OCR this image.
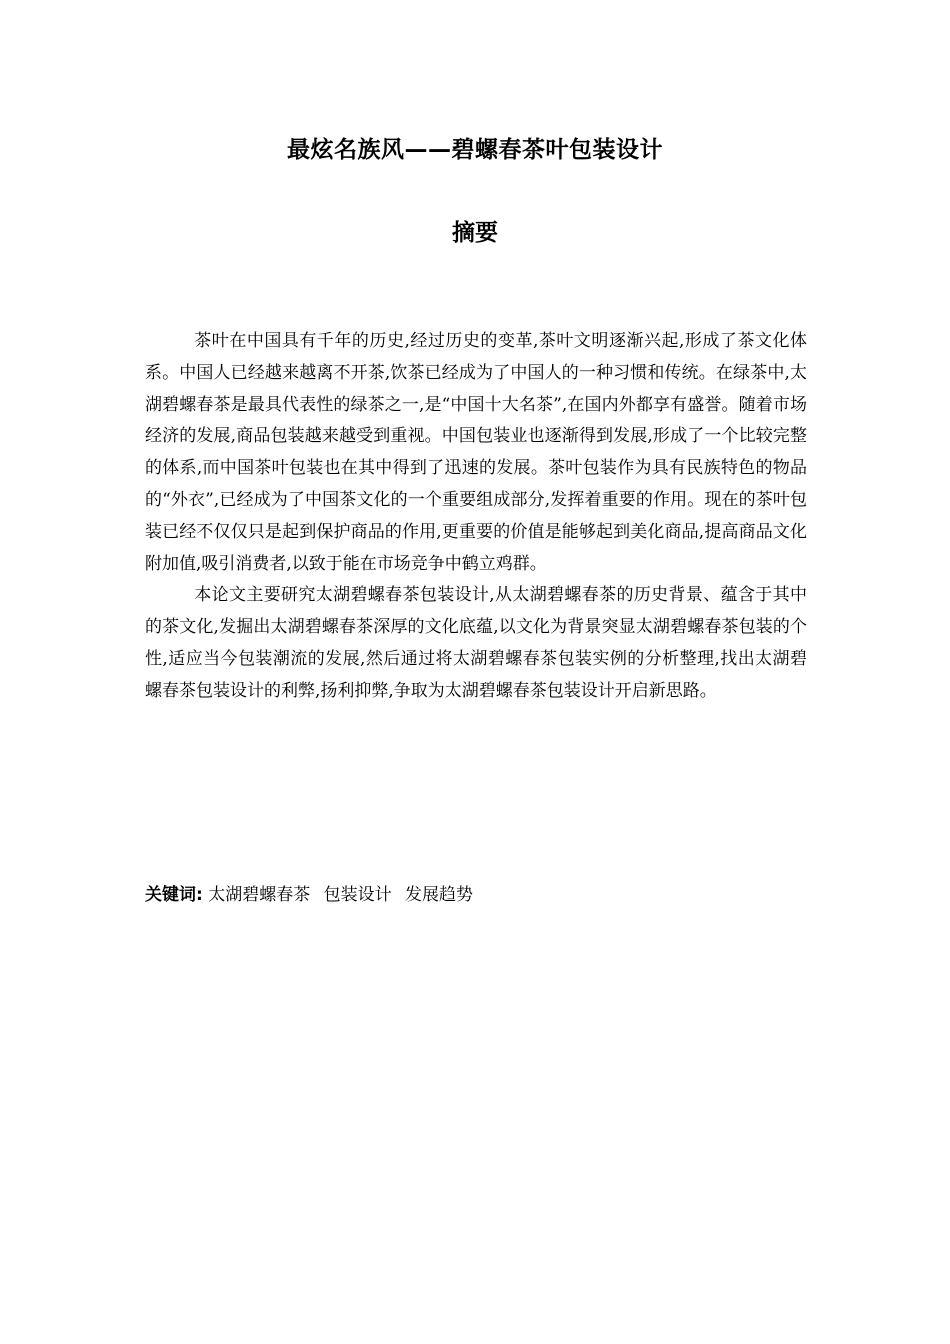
最炫名族风——碧螺春茶叶包装设计
摘要

茶叶在中国具有千年的历史,经过历史的变革,茶叶文明逐渐兴起,形成了茶文化体系。中国人已经越来越离不开茶,饮茶已经成为了中国人的一种习惯和传统。在绿茶中,太湖碧螺春茶是最具代表性的绿茶之一,是“中国十大名茶”,在国内外都享有盛誉。随着市场经济的发展,商品包装越来越受到重视。中国包装业也逐渐得到发展,形成了一个比较完整的体系,而中国茶叶包装也在其中得到了迅速的发展。茶叶包装作为具有民族特色的物品的“外衣”,已经成为了中国茶文化的一个重要组成部分,发挥着重要的作用。现在的茶叶包装已经不仅仅只是起到保护商品的作用,更重要的价值是能够起到美化商品,提高商品文化附加值,吸引消费者,以致于能在市场竞争中鹤立鸡群。

本论文主要研究太湖碧螺春茶包装设计,从太湖碧螺春茶的历史背景、蕴含于其中的茶文化,发掘出太湖碧螺春茶深厚的文化底蕴,以文化为背景突显太湖碧螺春茶包装的个性,适应当今包装潮流的发展,然后通过将太湖碧螺春茶包装实例的分析整理,找出太湖碧螺春茶包装设计的利弊,扬利抑弊,争取为太湖碧螺春茶包装设计开启新思路。

关键词: 太湖碧螺春茶 包装设计 发展趋势
